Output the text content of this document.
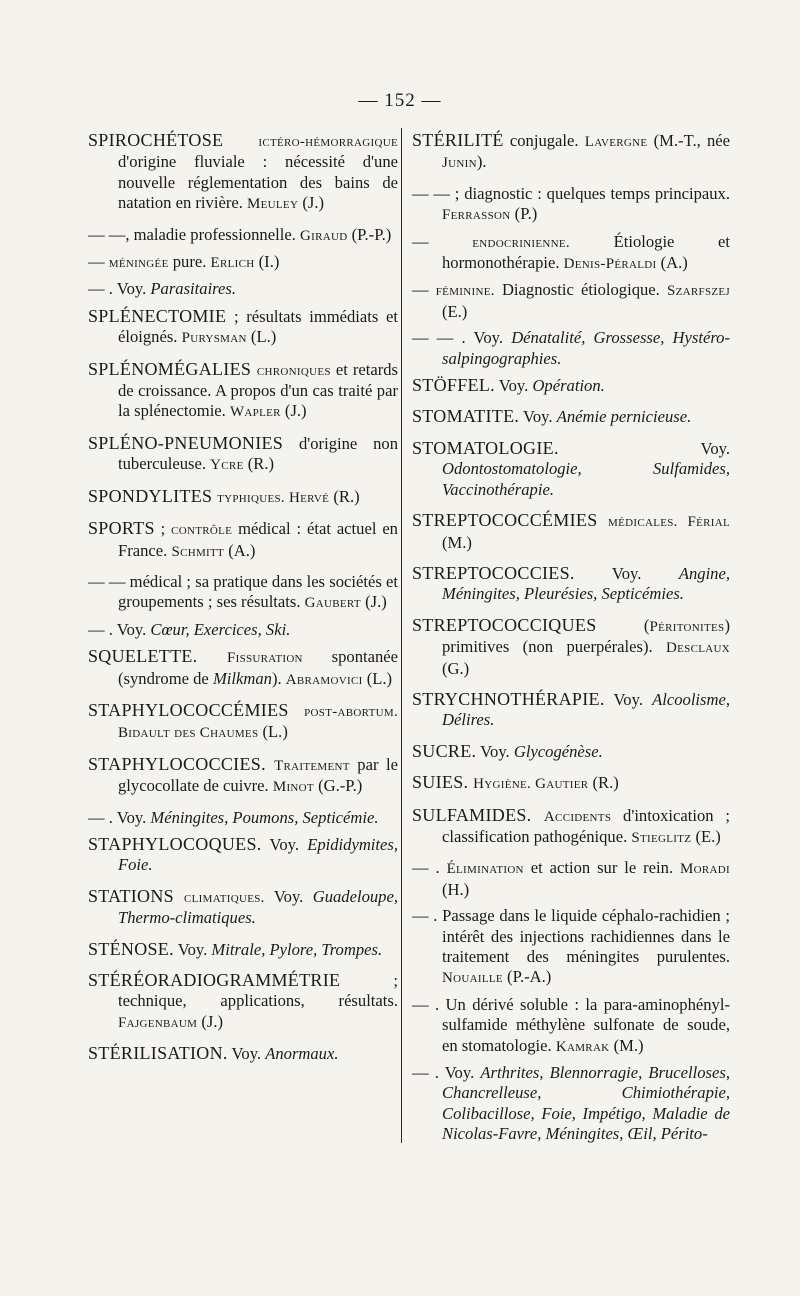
— 152 —
SPIROCHÉTOSE ictéro-hémorragique d'origine fluviale : nécessité d'une nouvelle réglementation des bains de natation en rivière. Meuley (J.)
— —, maladie professionnelle. Giraud (P.-P.)
— méningée pure. Erlich (I.)
— . Voy. Parasitaires.
SPLÉNECTOMIE ; résultats immédiats et éloignés. Purysman (L.)
SPLÉNOMÉGALIES chroniques et retards de croissance. A propos d'un cas traité par la splénectomie. Wapler (J.)
SPLÉNO-PNEUMONIES d'origine non tuberculeuse. Ycre (R.)
SPONDYLITES typhiques. Hervé (R.)
SPORTS ; contrôle médical : état actuel en France. Schmitt (A.)
— — médical ; sa pratique dans les sociétés et groupements ; ses résultats. Gaubert (J.)
— . Voy. Cœur, Exercices, Ski.
SQUELETTE. Fissuration spontanée (syndrome de Milkman). Abramovici (L.)
STAPHYLOCOCCÉMIES post-abortum. Bidault des Chaumes (L.)
STAPHYLOCOCCIES. Traitement par le glycocollate de cuivre. Minot (G.-P.)
— . Voy. Méningites, Poumons, Septicémie.
STAPHYLOCOQUES. Voy. Epididymites, Foie.
STATIONS climatiques. Voy. Guadeloupe, Thermo-climatiques.
STÉNOSE. Voy. Mitrale, Pylore, Trompes.
STÉRÉORADIOGRAMMÉTRIE ; technique, applications, résultats. Fajgenbaum (J.)
STÉRILISATION. Voy. Anormaux.
STÉRILITÉ conjugale. Lavergne (M.-T., née Junin).
— — ; diagnostic : quelques temps principaux. Ferrasson (P.)
— endocrinienne. Étiologie et hormonothérapie. Denis-Péraldi (A.)
— féminine. Diagnostic étiologique. Szarfszej (E.)
— — . Voy. Dénatalité, Grossesse, Hystéro-salpingographies.
STÖFFEL. Voy. Opération.
STOMATITE. Voy. Anémie pernicieuse.
STOMATOLOGIE. Voy. Odontostomatologie, Sulfamides, Vaccinothérapie.
STREPTOCOCCÉMIES médicales. Férial (M.)
STREPTOCOCCIES. Voy. Angine, Méningites, Pleurésies, Septicémies.
STREPTOCOCCIQUES (Péritonites) primitives (non puerpérales). Desclaux (G.)
STRYCHNOTHÉRAPIE. Voy. Alcoolisme, Délires.
SUCRE. Voy. Glycogénèse.
SUIES. Hygiène. Gautier (R.)
SULFAMIDES. Accidents d'intoxication ; classification pathogénique. Stieglitz (E.)
— . Élimination et action sur le rein. Moradi (H.)
— . Passage dans le liquide céphalo-rachidien ; intérêt des injections rachidiennes dans le traitement des méningites purulentes. Nouaille (P.-A.)
— . Un dérivé soluble : la para-aminophényl-sulfamide méthylène sulfonate de soude, en stomatologie. Kamrak (M.)
— . Voy. Arthrites, Blennorragie, Brucelloses, Chancrelleuse, Chimiothérapie, Colibacillose, Foie, Impétigo, Maladie de Nicolas-Favre, Méningites, Œil, Périto-
